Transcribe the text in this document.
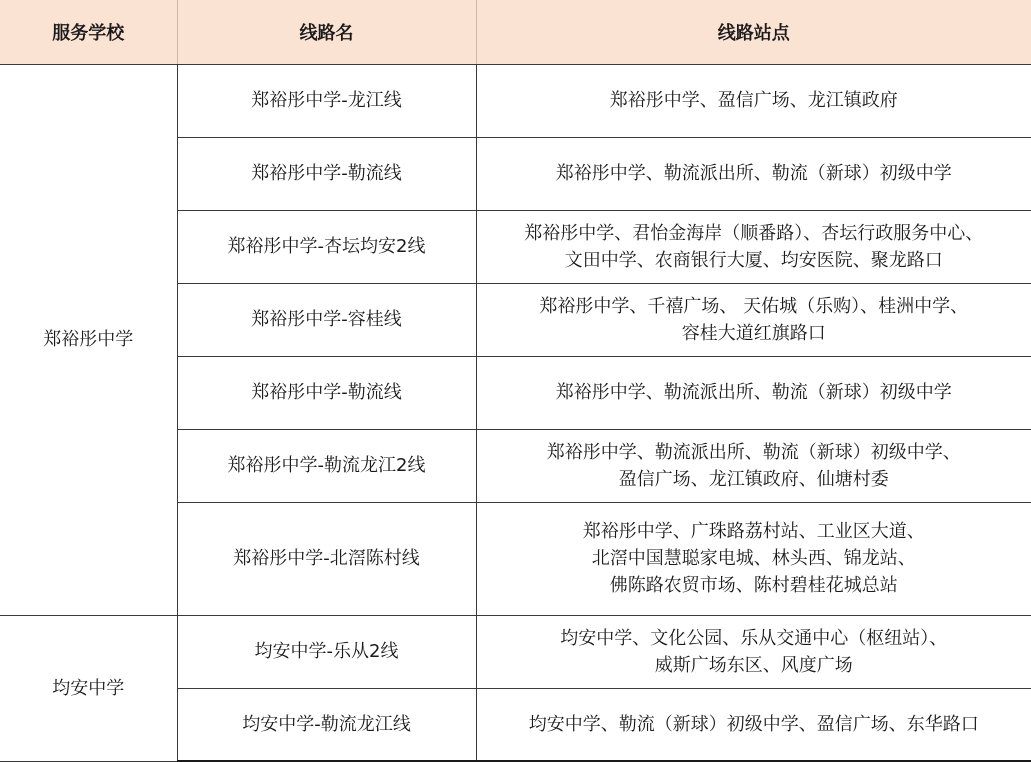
服务学校	线路名	线路站点
郑裕彤中学	郑裕彤中学-龙江线	郑裕彤中学、盈信广场、龙江镇政府

	郑裕彤中学-勒流线	郑裕彤中学、勒流派出所、勒流（新球）初级中学

	郑裕彤中学-杏坛均安2线	郑裕彤中学、君怡金海岸（顺番路）、杏坛行政服务中心、
文田中学、农商银行大厦、均安医院、聚龙路口

	郑裕彤中学-容桂线	郑裕彤中学、千禧广场、 天佑城（乐购）、桂洲中学、
容桂大道红旗路口

	郑裕彤中学-勒流线	郑裕彤中学、勒流派出所、勒流（新球）初级中学

	郑裕彤中学-勒流龙江2线	郑裕彤中学、勒流派出所、勒流（新球）初级中学、
盈信广场、龙江镇政府、仙塘村委

	郑裕彤中学-北滘陈村线	郑裕彤中学、广珠路荔村站、工业区大道、
北滘中国慧聪家电城、林头西、锦龙站、
佛陈路农贸市场、陈村碧桂花城总站

均安中学	均安中学-乐从2线	均安中学、文化公园、乐从交通中心（枢纽站）、
威斯广场东区、风度广场

	均安中学-勒流龙江线	均安中学、勒流（新球）初级中学、盈信广场、东华路口
